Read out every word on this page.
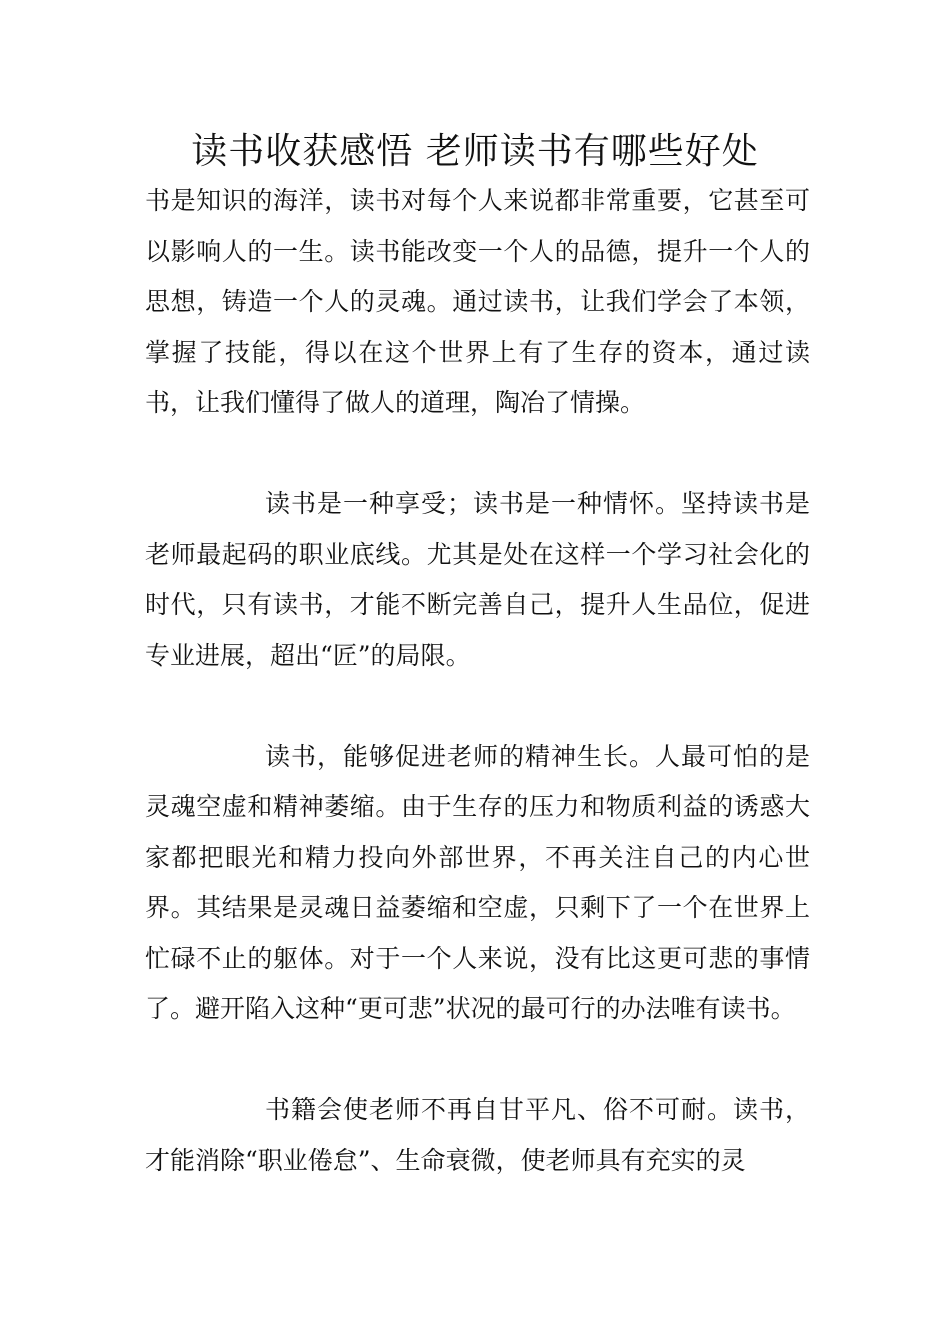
读书收获感悟 老师读书有哪些好处

书是知识的海洋，读书对每个人来说都非常重要，它甚至可以影响人的一生。读书能改变一个人的品德，提升一个人的思想，铸造一个人的灵魂。通过读书，让我们学会了本领，掌握了技能，得以在这个世界上有了生存的资本，通过读书，让我们懂得了做人的道理，陶冶了情操。

读书是一种享受；读书是一种情怀。坚持读书是老师最起码的职业底线。尤其是处在这样一个学习社会化的时代，只有读书，才能不断完善自己，提升人生品位，促进专业进展，超出“匠”的局限。

读书，能够促进老师的精神生长。人最可怕的是灵魂空虚和精神萎缩。由于生存的压力和物质利益的诱惑大家都把眼光和精力投向外部世界，不再关注自己的内心世界。其结果是灵魂日益萎缩和空虚，只剩下了一个在世界上忙碌不止的躯体。对于一个人来说，没有比这更可悲的事情了。避开陷入这种“更可悲”状况的最可行的办法唯有读书。

书籍会使老师不再自甘平凡、俗不可耐。读书，才能消除“职业倦怠”、生命衰微，使老师具有充实的灵
